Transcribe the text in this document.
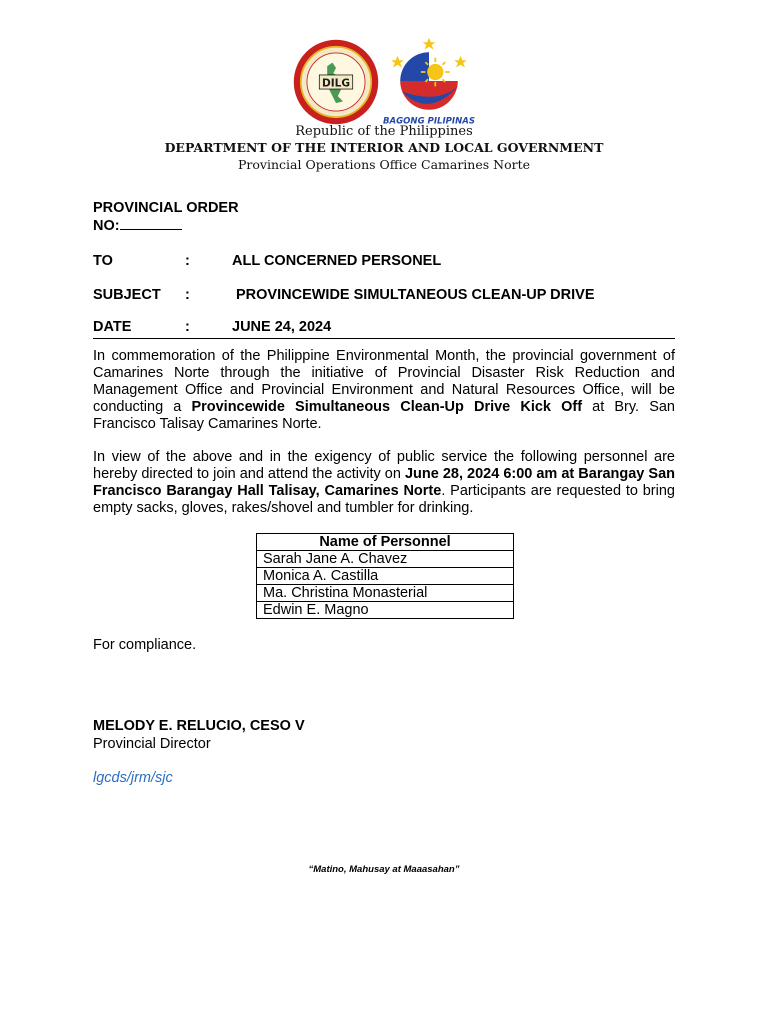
DILG
BAGONG PILIPINAS
Republic of the Philippines
DEPARTMENT OF THE INTERIOR AND LOCAL GOVERNMENT
Provincial Operations Office Camarines Norte
PROVINCIAL ORDER
NO:
TO	:	ALL CONCERNED PERSONEL
SUBJECT :	PROVINCEWIDE SIMULTANEOUS CLEAN-UP DRIVE
DATE	:	JUNE 24, 2024
In commemoration of the Philippine Environmental Month, the provincial government of Camarines Norte through the initiative of Provincial Disaster Risk Reduction and Management Office and Provincial Environment and Natural Resources Office, will be conducting a Provincewide Simultaneous Clean-Up Drive Kick Off at Bry. San Francisco Talisay Camarines Norte.
In view of the above and in the exigency of public service the following personnel are hereby directed to join and attend the activity on June 28, 2024 6:00 am at Barangay San Francisco Barangay Hall Talisay, Camarines Norte. Participants are requested to bring empty sacks, gloves, rakes/shovel and tumbler for drinking.
Name of Personnel
Sarah Jane A. Chavez
Monica A. Castilla
Ma. Christina Monasterial
Edwin E. Magno
For compliance.
MELODY E. RELUCIO, CESO V
Provincial Director
lgcds/jrm/sjc
“Matino, Mahusay at Maaasahan”
